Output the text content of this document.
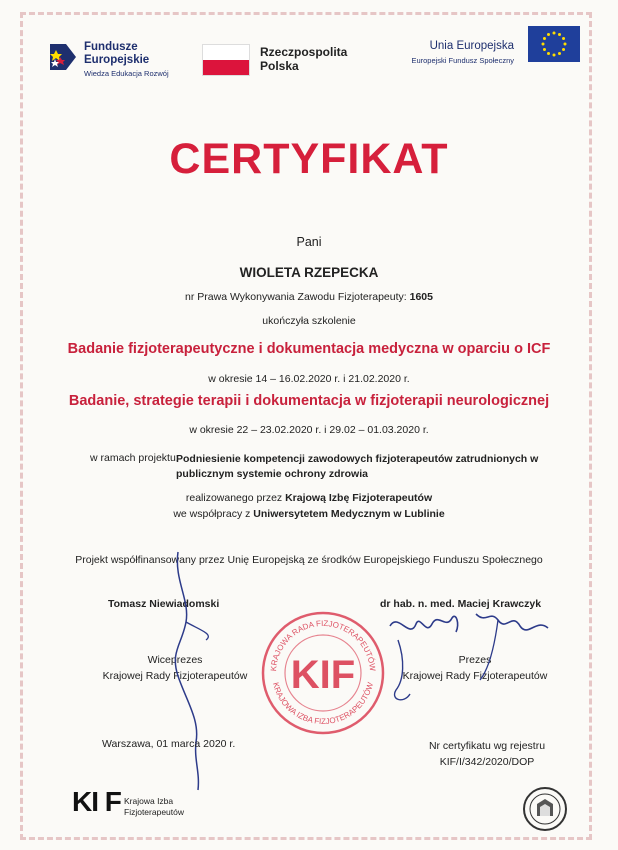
Fundusze
Europejskie
Wiedza Edukacja Rozwój
Rzeczpospolita
Polska
Unia Europejska
Europejski Fundusz Społeczny
CERTYFIKAT
Pani
WIOLETA RZEPECKA
nr Prawa Wykonywania Zawodu Fizjoterapeuty: 1605
ukończyła szkolenie
Badanie fizjoterapeutyczne i dokumentacja medyczna w oparciu o ICF
w okresie 14 – 16.02.2020 r. i 21.02.2020 r.
Badanie, strategie terapii i dokumentacja w fizjoterapii neurologicznej
w okresie 22 – 23.02.2020 r. i 29.02 – 01.03.2020 r.
w ramach projektu:
Podniesienie kompetencji zawodowych fizjoterapeutów zatrudnionych w publicznym systemie ochrony zdrowia
realizowanego przez Krajową Izbę Fizjoterapeutów
we współpracy z Uniwersytetem Medycznym w Lublinie
Projekt współfinansowany przez Unię Europejską ze środków Europejskiego Funduszu Społecznego
Tomasz Niewiadomski	dr hab. n. med. Maciej Krawczyk
Wiceprezes
Krajowej Rady Fizjoterapeutów
Prezes
Krajowej Rady Fizjoterapeutów
KRAJOWA RADA FIZJOTERAPEUTÓW
KRAJOWA IZBA FIZJOTERAPEUTÓW
KIF
Warszawa, 01 marca 2020 r.	Nr certyfikatu wg rejestru
KIF/I/342/2020/DOP
KI F Krajowa Izba
Fizjoterapeutów
